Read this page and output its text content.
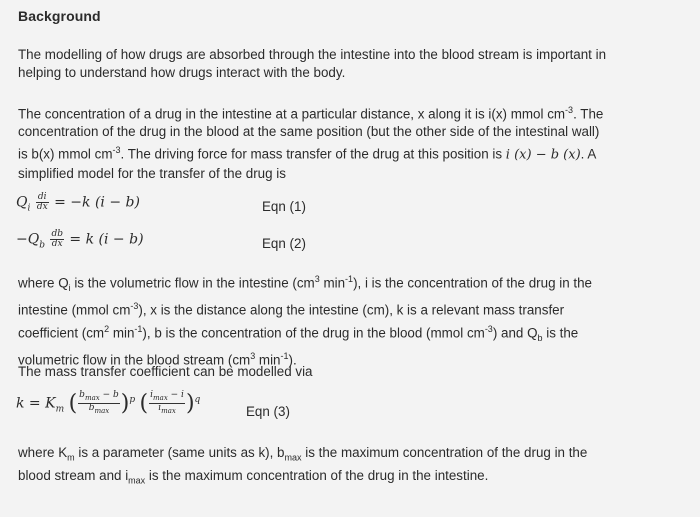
Background
The modelling of how drugs are absorbed through the intestine into the blood stream is important in
helping to understand how drugs interact with the body.
The concentration of a drug in the intestine at a particular distance, x along it is i(x) mmol $cm^{-3}$. The
concentration of the drug in the blood at the same position (but the other side of the intestinal wall)
is b(x) mmol $cm^{-3}$. The driving force for mass transfer of the drug at this position is i (x) − b (x). A
simplified model for the transfer of the drug is
$Q_i \frac{di}{dx} = -k$ (i − b)	Eqn (1)
$-Q_b \frac{db}{dx} = k$ (i − b)	Eqn (2)
where $Q_i$ is the volumetric flow in the intestine ($cm^3$ $\min^{-1}$), i is the concentration of the drug in the
intestine (mmol $cm^{-3}$), x is the distance along the intestine (cm), k is a relevant mass transfer
coefficient ($cm^2$ $\min^{-1}$), b is the concentration of the drug in the blood (mmol $cm^{-3}$) and $Q_b$ is the
volumetric flow in the blood stream ($cm^3$ $\min^{-1}$).
The mass transfer coefficient can be modelled via
$k = K_m$ ( $\frac{b_{max} - b}{b_{max}} )^p$ ( $\frac{i_{max} - i}{i_{max}} )^q$
Eqn (3)
where $K_m$ is a parameter (same units as k), $b_{max}$ is the maximum concentration of the drug in the
blood stream and $i_{max}$ is the maximum concentration of the drug in the intestine.
